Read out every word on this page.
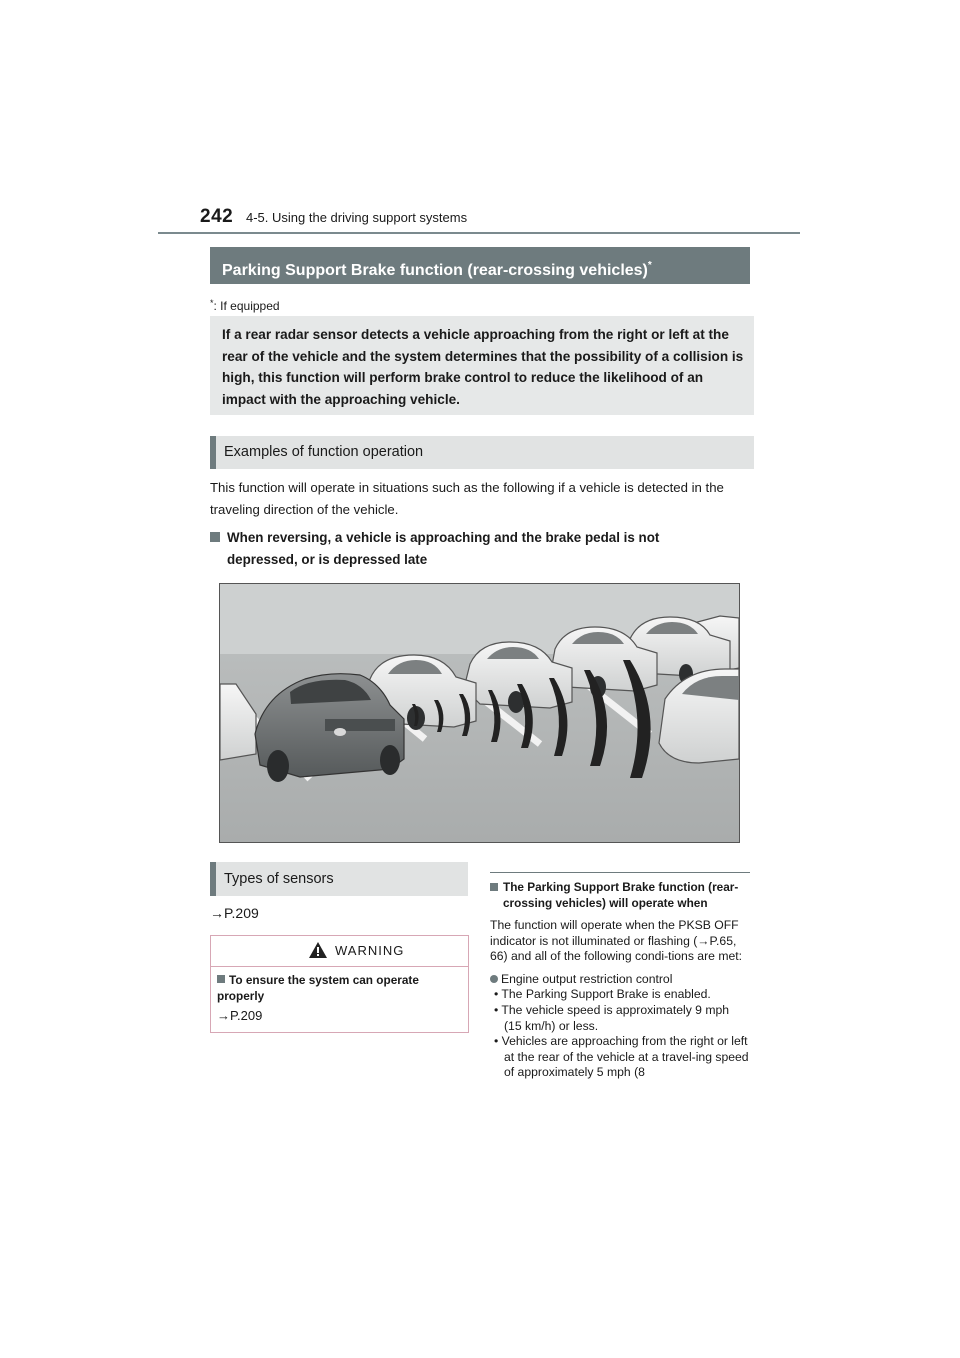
242 4-5. Using the driving support systems
Parking Support Brake function (rear-crossing vehicles)*
*: If equipped
If a rear radar sensor detects a vehicle approaching from the right or left at the rear of the vehicle and the system determines that the possibility of a collision is high, this function will perform brake control to reduce the likelihood of an impact with the approaching vehicle.
Examples of function operation
This function will operate in situations such as the following if a vehicle is detected in the traveling direction of the vehicle.
When reversing, a vehicle is approaching and the brake pedal is not depressed, or is depressed late
Types of sensors
→P.209
WARNING
To ensure the system can operate properly
→P.209
The Parking Support Brake function (rear-crossing vehicles) will operate when
The function will operate when the PKSB OFF indicator is not illuminated or flashing (→P.65, 66) and all of the following condi-tions are met:
Engine output restriction control
• The Parking Support Brake is enabled.
• The vehicle speed is approximately 9 mph (15 km/h) or less.
• Vehicles are approaching from the right or left at the rear of the vehicle at a travel-ing speed of approximately 5 mph (8
